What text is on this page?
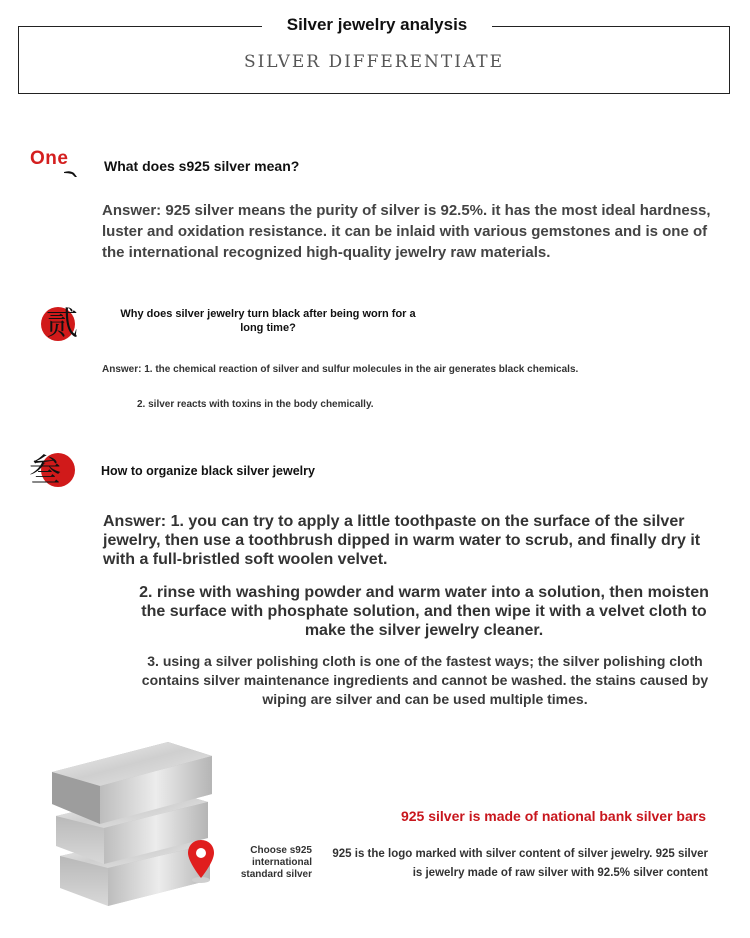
Silver jewelry analysis
SILVER DIFFERENTIATE
One	What does s925 silver mean?
Answer: 925 silver means the purity of silver is 92.5%. it has the most ideal hardness, luster and oxidation resistance. it can be inlaid with various gemstones and is one of the international recognized high-quality jewelry raw materials.
贰	Why does silver jewelry turn black after being worn for a
long time?
Answer: 1. the chemical reaction of silver and sulfur molecules in the air generates black chemicals.
2. silver reacts with toxins in the body chemically.
叁	How to organize black silver jewelry
Answer: 1. you can try to apply a little toothpaste on the surface of the silver jewelry, then use a toothbrush dipped in warm water to scrub, and finally dry it with a full-bristled soft woolen velvet.
2. rinse with washing powder and warm water into a solution, then moisten the surface with phosphate solution, and then wipe it with a velvet cloth to make the silver jewelry cleaner.
3. using a silver polishing cloth is one of the fastest ways; the silver polishing cloth contains silver maintenance ingredients and cannot be washed. the stains caused by wiping are silver and can be used multiple times.
Choose s925
international
standard silver
925 silver is made of national bank silver bars
925 is the logo marked with silver content of silver jewelry. 925 silver is jewelry made of raw silver with 92.5% silver content
